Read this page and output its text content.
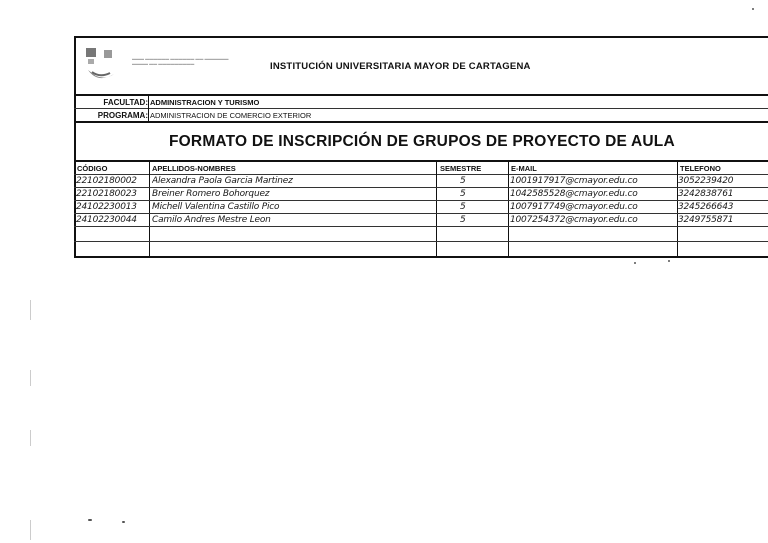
▬▬▬ ▬▬▬▬▬▬ ▬▬▬▬▬▬ ▬▬ ▬▬▬▬▬▬
▬▬▬▬ ▬▬ ▬▬▬▬▬▬▬▬▬	INSTITUCIÓN UNIVERSITARIA MAYOR DE CARTAGENA
FACULTAD: ADMINISTRACION Y TURISMO
PROGRAMA: ADMINISTRACION DE COMERCIO EXTERIOR
FORMATO DE INSCRIPCIÓN DE GRUPOS DE PROYECTO DE AULA
CÓDIGO	APELLIDOS-NOMBRES	SEMESTRE	E-MAIL	TELEFONO
22102180002	Alexandra Paola Garcia Martinez	5	1001917917@cmayor.edu.co	3052239420
22102180023	Breiner Romero Bohorquez	5	1042585528@cmayor.edu.co	3242838761
24102230013	Michell Valentina Castillo Pico	5	1007917749@cmayor.edu.co	3245266643
24102230044	Camilo Andres Mestre Leon	5	1007254372@cmayor.edu.co	3249755871
